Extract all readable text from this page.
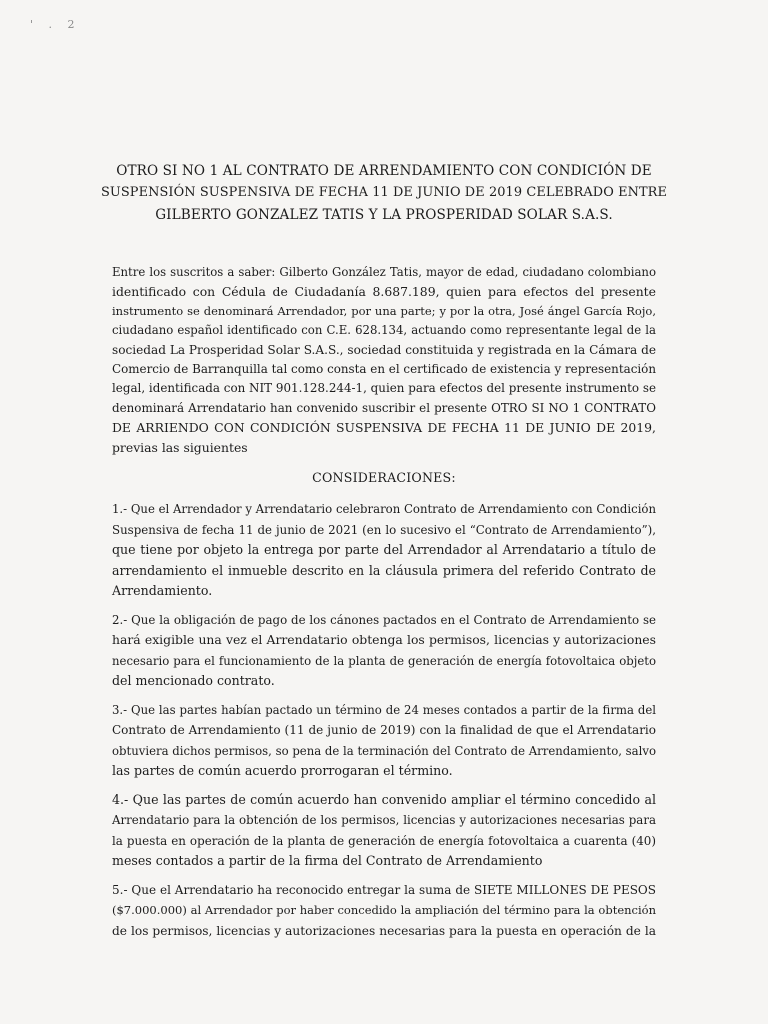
' . 2
OTRO SI NO 1 AL CONTRATO DE ARRENDAMIENTO CON CONDICIÓN DE
SUSPENSIÓN SUSPENSIVA DE FECHA 11 DE JUNIO DE 2019 CELEBRADO ENTRE
GILBERTO GONZALEZ TATIS Y LA PROSPERIDAD SOLAR S.A.S.
Entre los suscritos a saber: Gilberto González Tatis, mayor de edad, ciudadano colombiano
identificado con Cédula de Ciudadanía 8.687.189, quien para efectos del presente
instrumento se denominará Arrendador, por una parte; y por la otra, José ángel García Rojo,
ciudadano español identificado con C.E. 628.134, actuando como representante legal de la
sociedad La Prosperidad Solar S.A.S., sociedad constituida y registrada en la Cámara de
Comercio de Barranquilla tal como consta en el certificado de existencia y representación
legal, identificada con NIT 901.128.244-1, quien para efectos del presente instrumento se
denominará Arrendatario han convenido suscribir el presente OTRO SI NO 1 CONTRATO
DE ARRIENDO CON CONDICIÓN SUSPENSIVA DE FECHA 11 DE JUNIO DE 2019,
previas las siguientes
CONSIDERACIONES:
1.- Que el Arrendador y Arrendatario celebraron Contrato de Arrendamiento con Condición
Suspensiva de fecha 11 de junio de 2021 (en lo sucesivo el “Contrato de Arrendamiento”),
que tiene por objeto la entrega por parte del Arrendador al Arrendatario a título de
arrendamiento el inmueble descrito en la cláusula primera del referido Contrato de
Arrendamiento.
2.- Que la obligación de pago de los cánones pactados en el Contrato de Arrendamiento se
hará exigible una vez el Arrendatario obtenga los permisos, licencias y autorizaciones
necesario para el funcionamiento de la planta de generación de energía fotovoltaica objeto
del mencionado contrato.
3.- Que las partes habían pactado un término de 24 meses contados a partir de la firma del
Contrato de Arrendamiento (11 de junio de 2019) con la finalidad de que el Arrendatario
obtuviera dichos permisos, so pena de la terminación del Contrato de Arrendamiento, salvo
las partes de común acuerdo prorrogaran el término.
4.- Que las partes de común acuerdo han convenido ampliar el término concedido al
Arrendatario para la obtención de los permisos, licencias y autorizaciones necesarias para
la puesta en operación de la planta de generación de energía fotovoltaica a cuarenta (40)
meses contados a partir de la firma del Contrato de Arrendamiento
5.- Que el Arrendatario ha reconocido entregar la suma de SIETE MILLONES DE PESOS
($7.000.000) al Arrendador por haber concedido la ampliación del término para la obtención
de los permisos, licencias y autorizaciones necesarias para la puesta en operación de la
